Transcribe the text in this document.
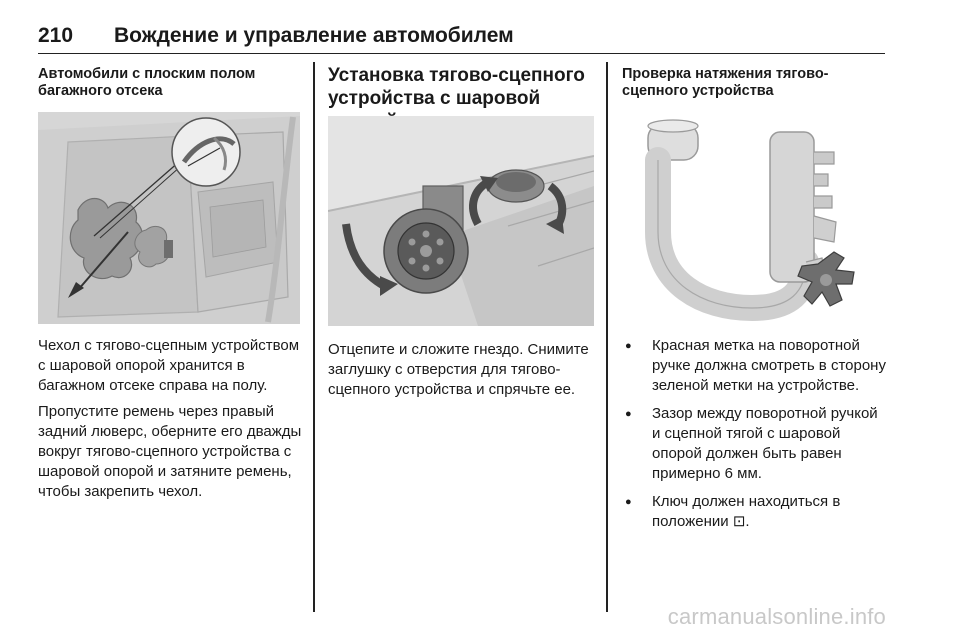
210 Вождение и управление автомобилем
Автомобили с плоским полом багажного отсека

Чехол с тягово-сцепным устройством с шаровой опорой хранится в багажном отсеке справа на полу.

Пропустите ремень через правый задний люверс, оберните его дважды вокруг тягово-сцепного устройства с шаровой опорой и затяните ремень, чтобы закрепить чехол.

Установка тягово-сцепного устройства с шаровой

Отцепите и сложите гнездо. Снимите заглушку с отверстия для тягово-сцепного устройства и спрячьте ее.

Проверка натяжения тягово-сцепного устройства
● Красная метка на поворотной ручке должна смотреть в сторону зеленой метки на устройстве.
● Зазор между поворотной ручкой и сцепной тягой с шаровой опорой должен быть равен примерно 6 мм.
● Ключ должен находиться в положении ⊡.
carmanualsonline.info
